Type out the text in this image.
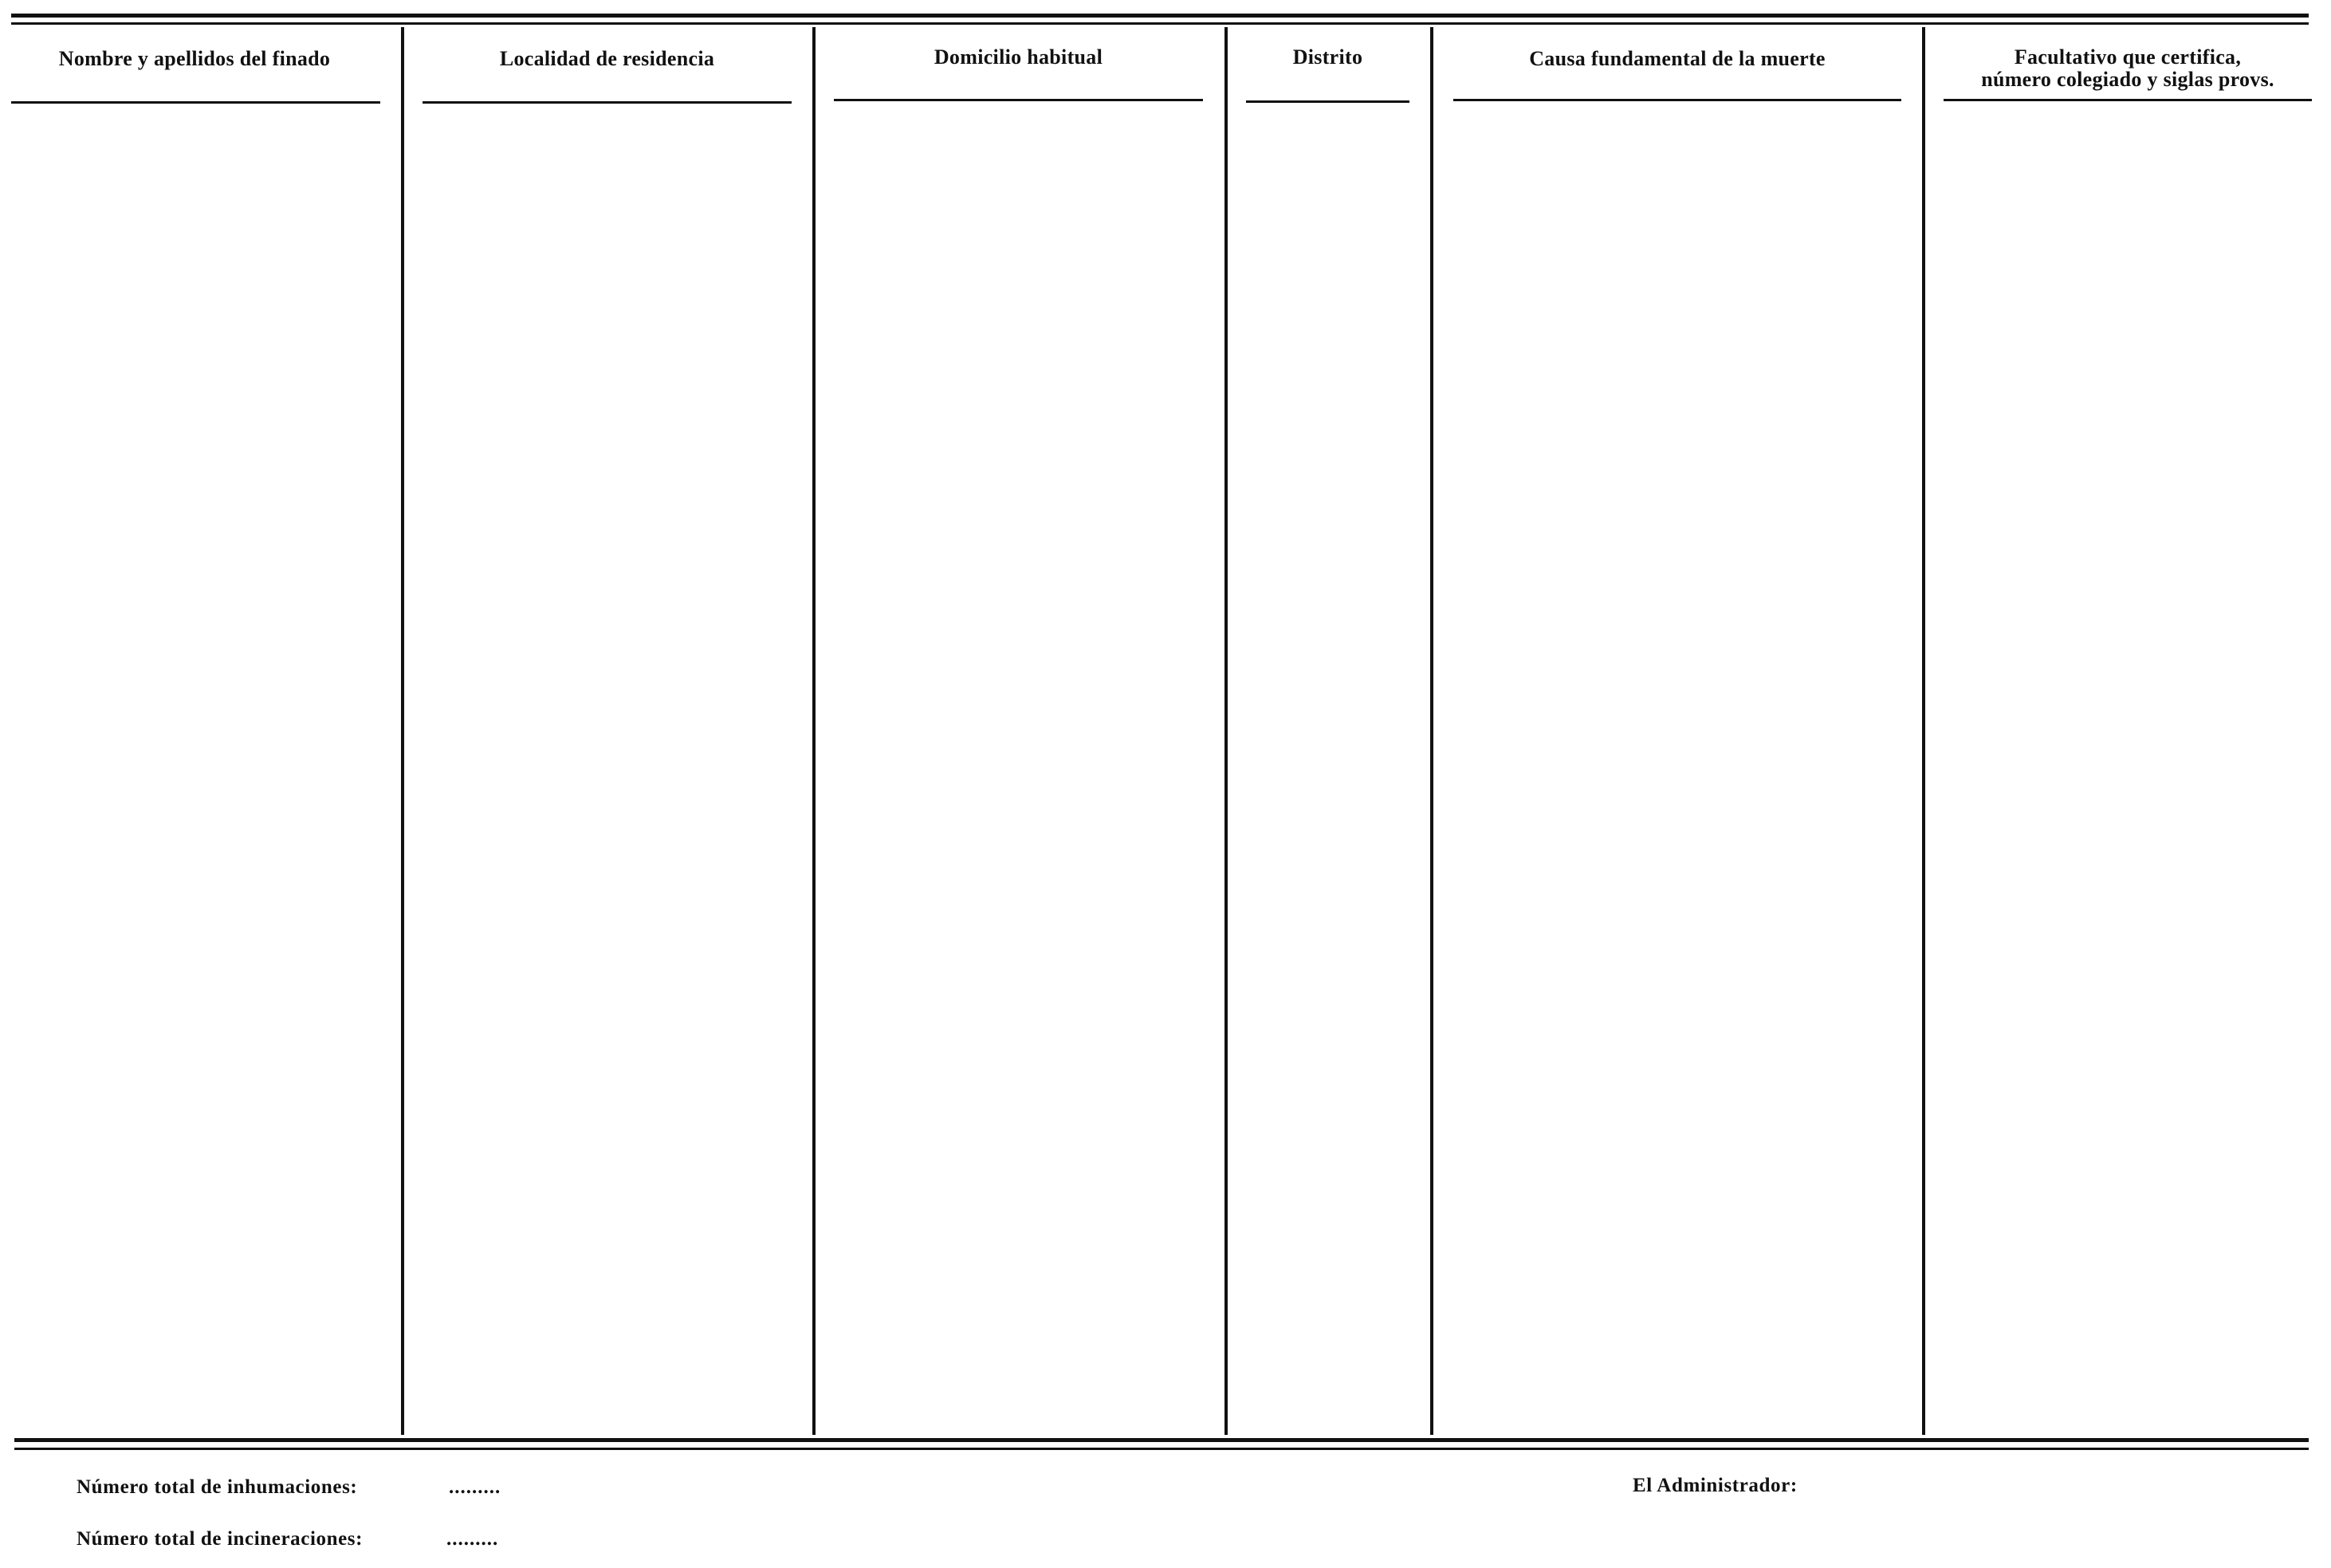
Nombre y apellidos del finado	Localidad de residencia	Domicilio habitual	Distrito	Causa fundamental de la muerte	Facultativo que certifica,
número colegiado y siglas provs.
Número total de inhumaciones:	.........
Número total de incineraciones:	.........
El Administrador:
